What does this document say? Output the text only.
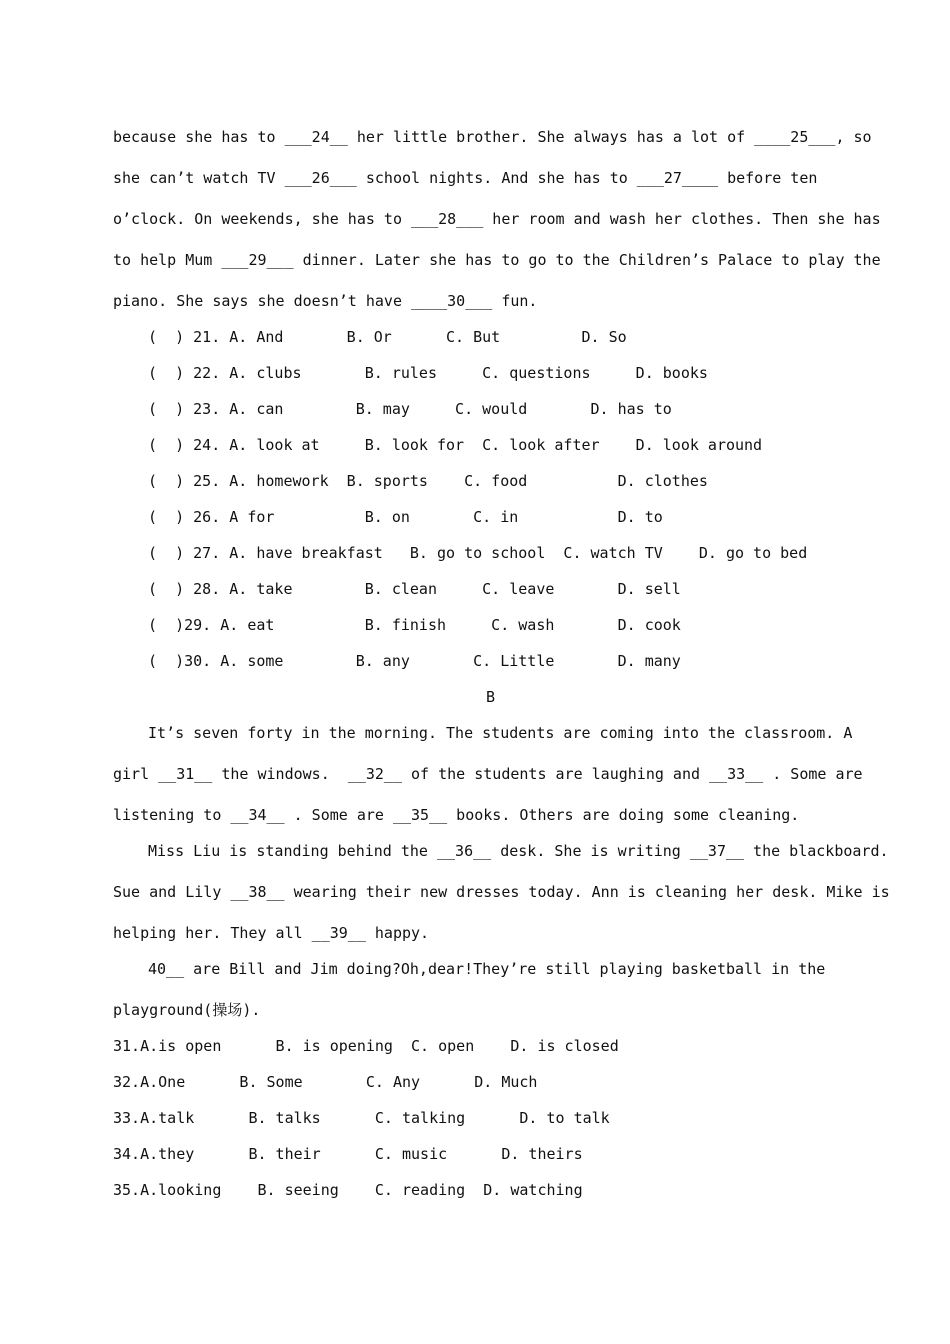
because she has to ___24__ her little brother. She always has a lot of ____25___, so
she can’t watch TV ___26___ school nights. And she has to ___27____ before ten
o’clock. On weekends, she has to ___28___ her room and wash her clothes. Then she has
to help Mum ___29___ dinner. Later she has to go to the Children’s Palace to play the
piano. She says she doesn’t have ____30___ fun.
(  ) 21. A. And       B. Or      C. But         D. So
(  ) 22. A. clubs       B. rules     C. questions     D. books
(  ) 23. A. can        B. may     C. would       D. has to
(  ) 24. A. look at     B. look for  C. look after    D. look around
(  ) 25. A. homework  B. sports    C. food          D. clothes
(  ) 26. A for          B. on       C. in           D. to
(  ) 27. A. have breakfast   B. go to school  C. watch TV    D. go to bed
(  ) 28. A. take        B. clean     C. leave       D. sell
(  )29. A. eat          B. finish     C. wash       D. cook
(  )30. A. some        B. any       C. Little       D. many
B
It’s seven forty in the morning. The students are coming into the classroom. A
girl __31__ the windows.  __32__ of the students are laughing and __33__ . Some are
listening to __34__ . Some are __35__ books. Others are doing some cleaning.
Miss Liu is standing behind the __36__ desk. She is writing __37__ the blackboard.
Sue and Lily __38__ wearing their new dresses today. Ann is cleaning her desk. Mike is
helping her. They all __39__ happy.
40__ are Bill and Jim doing?Oh,dear!They’re still playing basketball in the
playground(操场).
31.A.is open      B. is opening  C. open    D. is closed
32.A.One      B. Some       C. Any      D. Much
33.A.talk      B. talks      C. talking      D. to talk
34.A.they      B. their      C. music      D. theirs
35.A.looking    B. seeing    C. reading  D. watching
